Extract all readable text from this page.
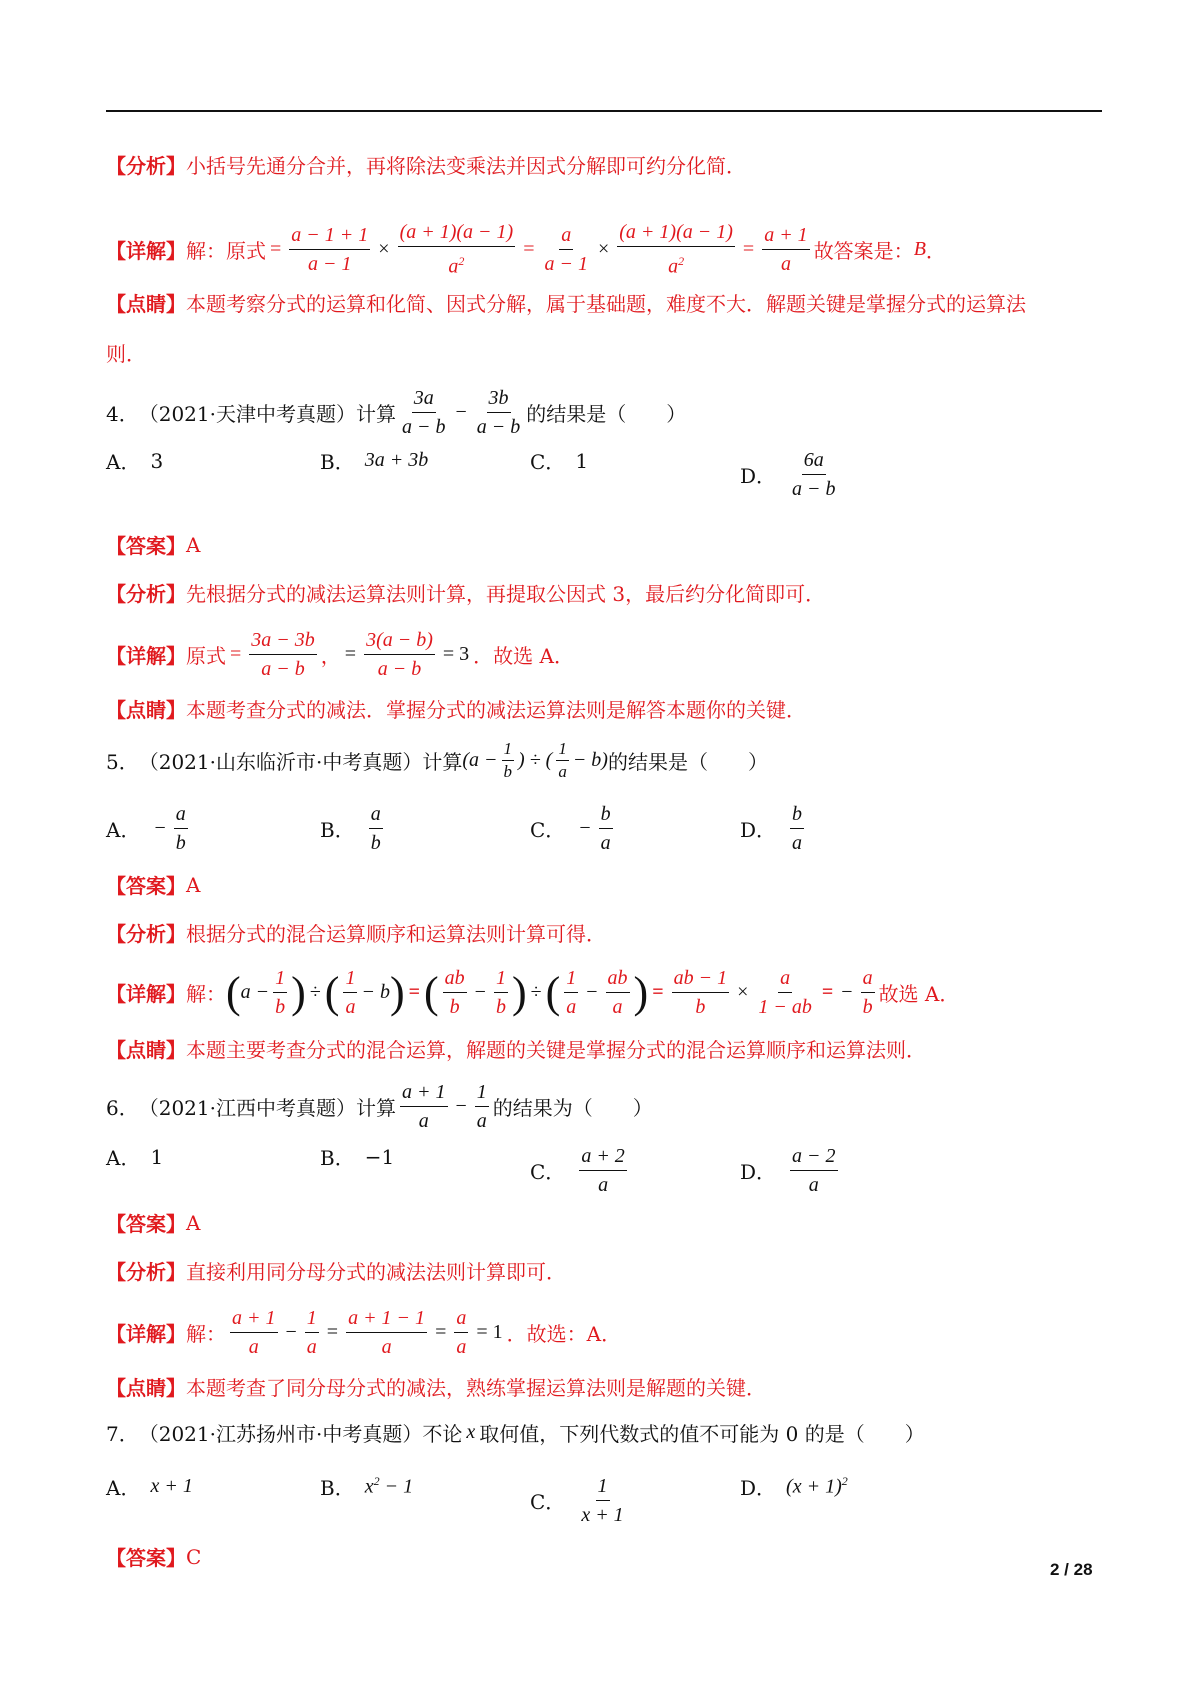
【分析】 小括号先通分合并，再将除法变乘法并因式分解即可约分化简．
【详解】 解：原式 = $\frac{a - 1 + 1}{a - 1} \times \frac{(a + 1)(a - 1)}{a^2} = \frac{a}{a - 1} \times \frac{(a + 1)(a - 1)}{a^2} = \frac{a + 1}{a}$ 故答案是： B ．
【点睛】 本题考察分式的运算和化简、因式分解，属于基础题，难度不大．解题关键是掌握分式的运算法
则．
4． （2021·天津中考真题）计算 $\frac{3a}{a - b} - \frac{3b}{a - b}$ 的结果是（　　）
A． 3	B． 3a + 3b	C． 1
D． $\frac{6a}{a - b}$
【答案】 A
【分析】 先根据分式的减法运算法则计算，再提取公因式 3，最后约分化简即可．
【详解】 原式 = $\frac{3a - 3b}{a - b}$ ， = $\frac{3(a - b)}{a - b} = 3$ ．故选 A．
【点睛】 本题考查分式的减法．掌握分式的减法运算法则是解答本题你的关键．
5． （2021·山东临沂市·中考真题）计算 ($a - \frac{1}{b}$ ) ÷ ( $\frac{1}{a} - b$) 的结果是（　　）
A． − $\frac{a}{b}$	B． $\frac{a}{b}$	C． − $\frac{b}{a}$	D． $\frac{b}{a}$
【答案】 A
【分析】 根据分式的混合运算顺序和运算法则计算可得．
【详解】 解： ( $a - \frac{1}{b}$ ) ÷ ( $\frac{1}{a} - b$ ) = ( $\frac{ab}{b} - \frac{1}{b}$ ) ÷ ( $\frac{1}{a} - \frac{ab}{a}$ ) = $\frac{ab - 1}{b} \times \frac{a}{1 - ab}$ = − $\frac{a}{b}$ 故选 A．
【点睛】 本题主要考查分式的混合运算，解题的关键是掌握分式的混合运算顺序和运算法则．
6． （2021·江西中考真题）计算 $\frac{a + 1}{a} - \frac{1}{a}$ 的结果为（　　）
A． 1	B． −1
C． $\frac{a + 2}{a}$	D． $\frac{a - 2}{a}$
【答案】 A
【分析】 直接利用同分母分式的减法法则计算即可．
【详解】 解： $\frac{a + 1}{a} - \frac{1}{a} = \frac{a + 1 - 1}{a} = \frac{a}{a} = 1$ ．故选：A．
【点睛】 本题考查了同分母分式的减法，熟练掌握运算法则是解题的关键．
7． （2021·江苏扬州市·中考真题）不论 x 取何值，下列代数式的值不可能为 0 的是（　　）
A． x + 1	B． $x^2 - 1$
C． $\frac{1}{x + 1}$	D． $(x + 1)^2$
【答案】 C
2 / 28
